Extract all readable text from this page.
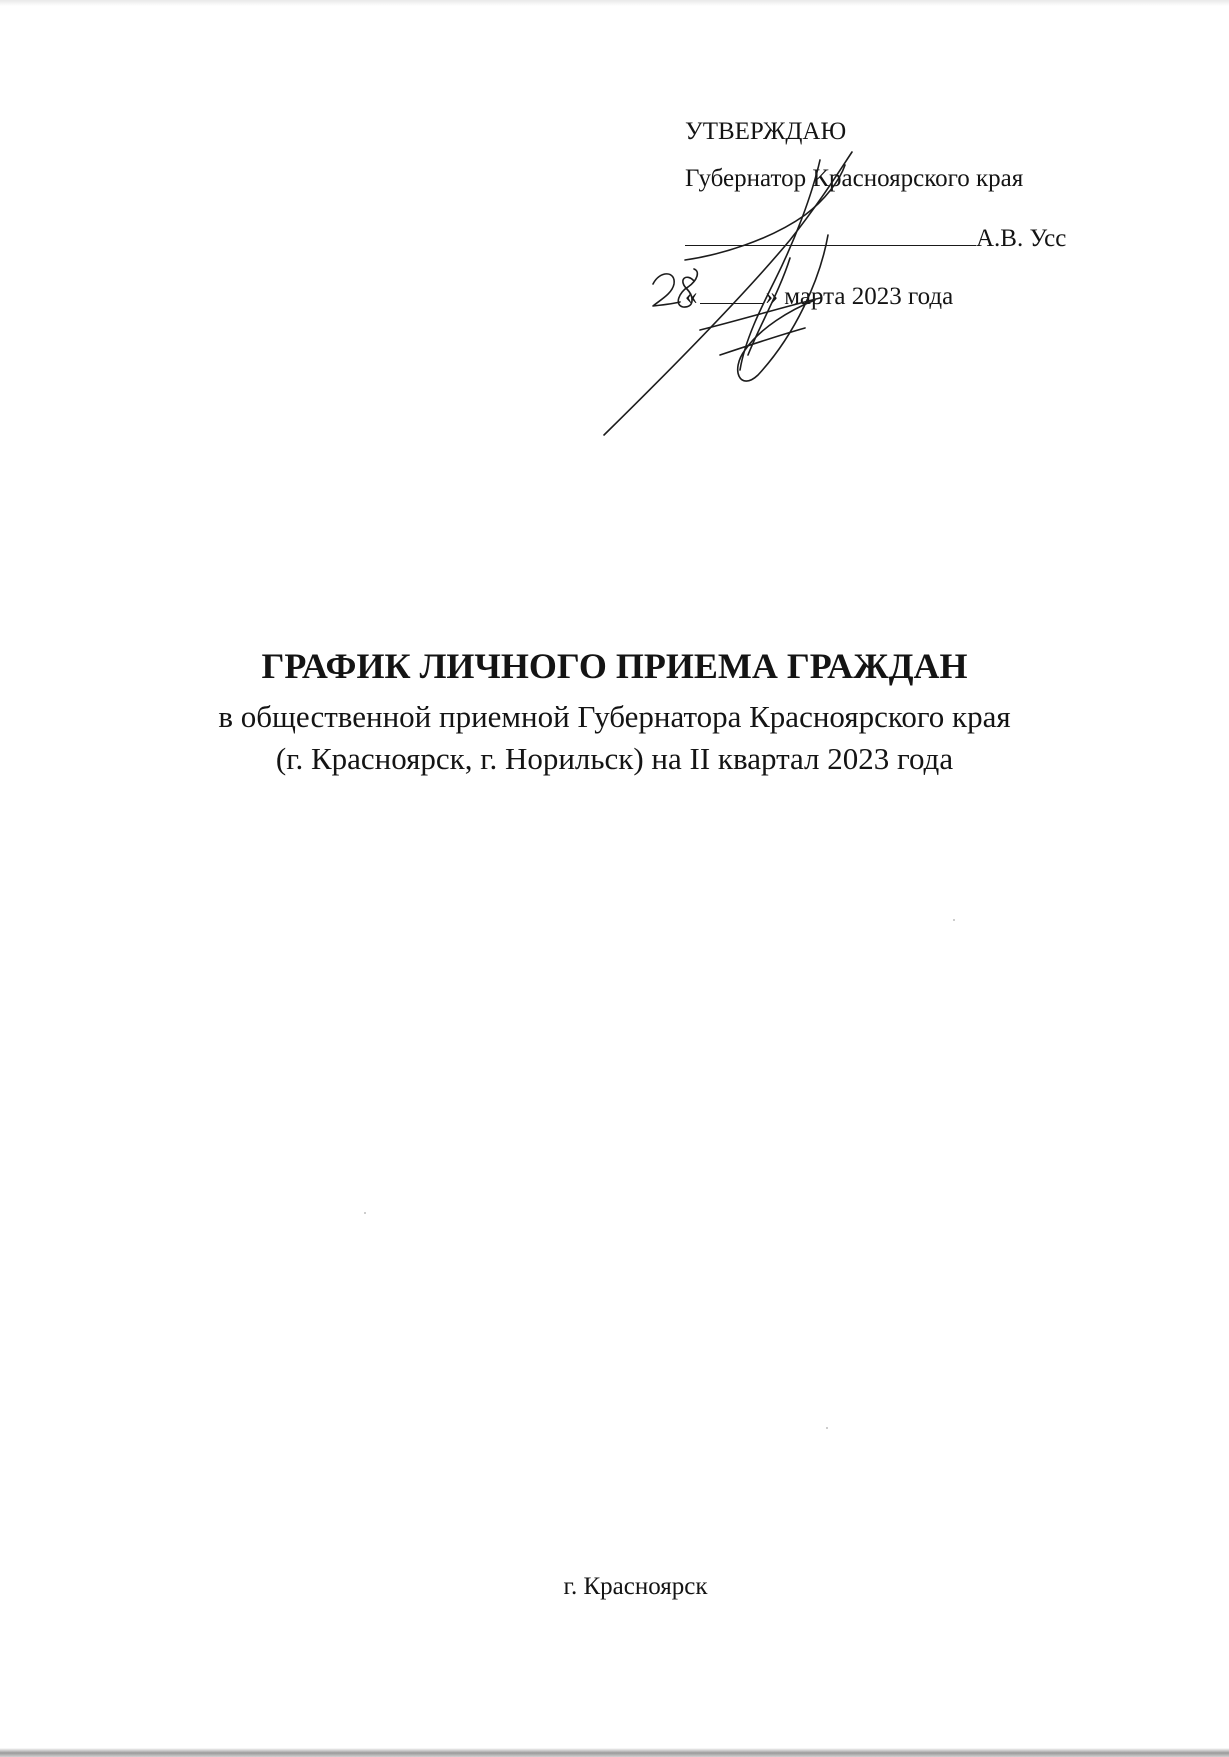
УТВЕРЖДАЮ
Губернатор Красноярского края
А.В. Усс
«	» марта 2023 года
ГРАФИК ЛИЧНОГО ПРИЕМА ГРАЖДАН

в общественной приемной Губернатора Красноярского края
(г. Красноярск, г. Норильск) на II квартал 2023 года

г. Красноярск
